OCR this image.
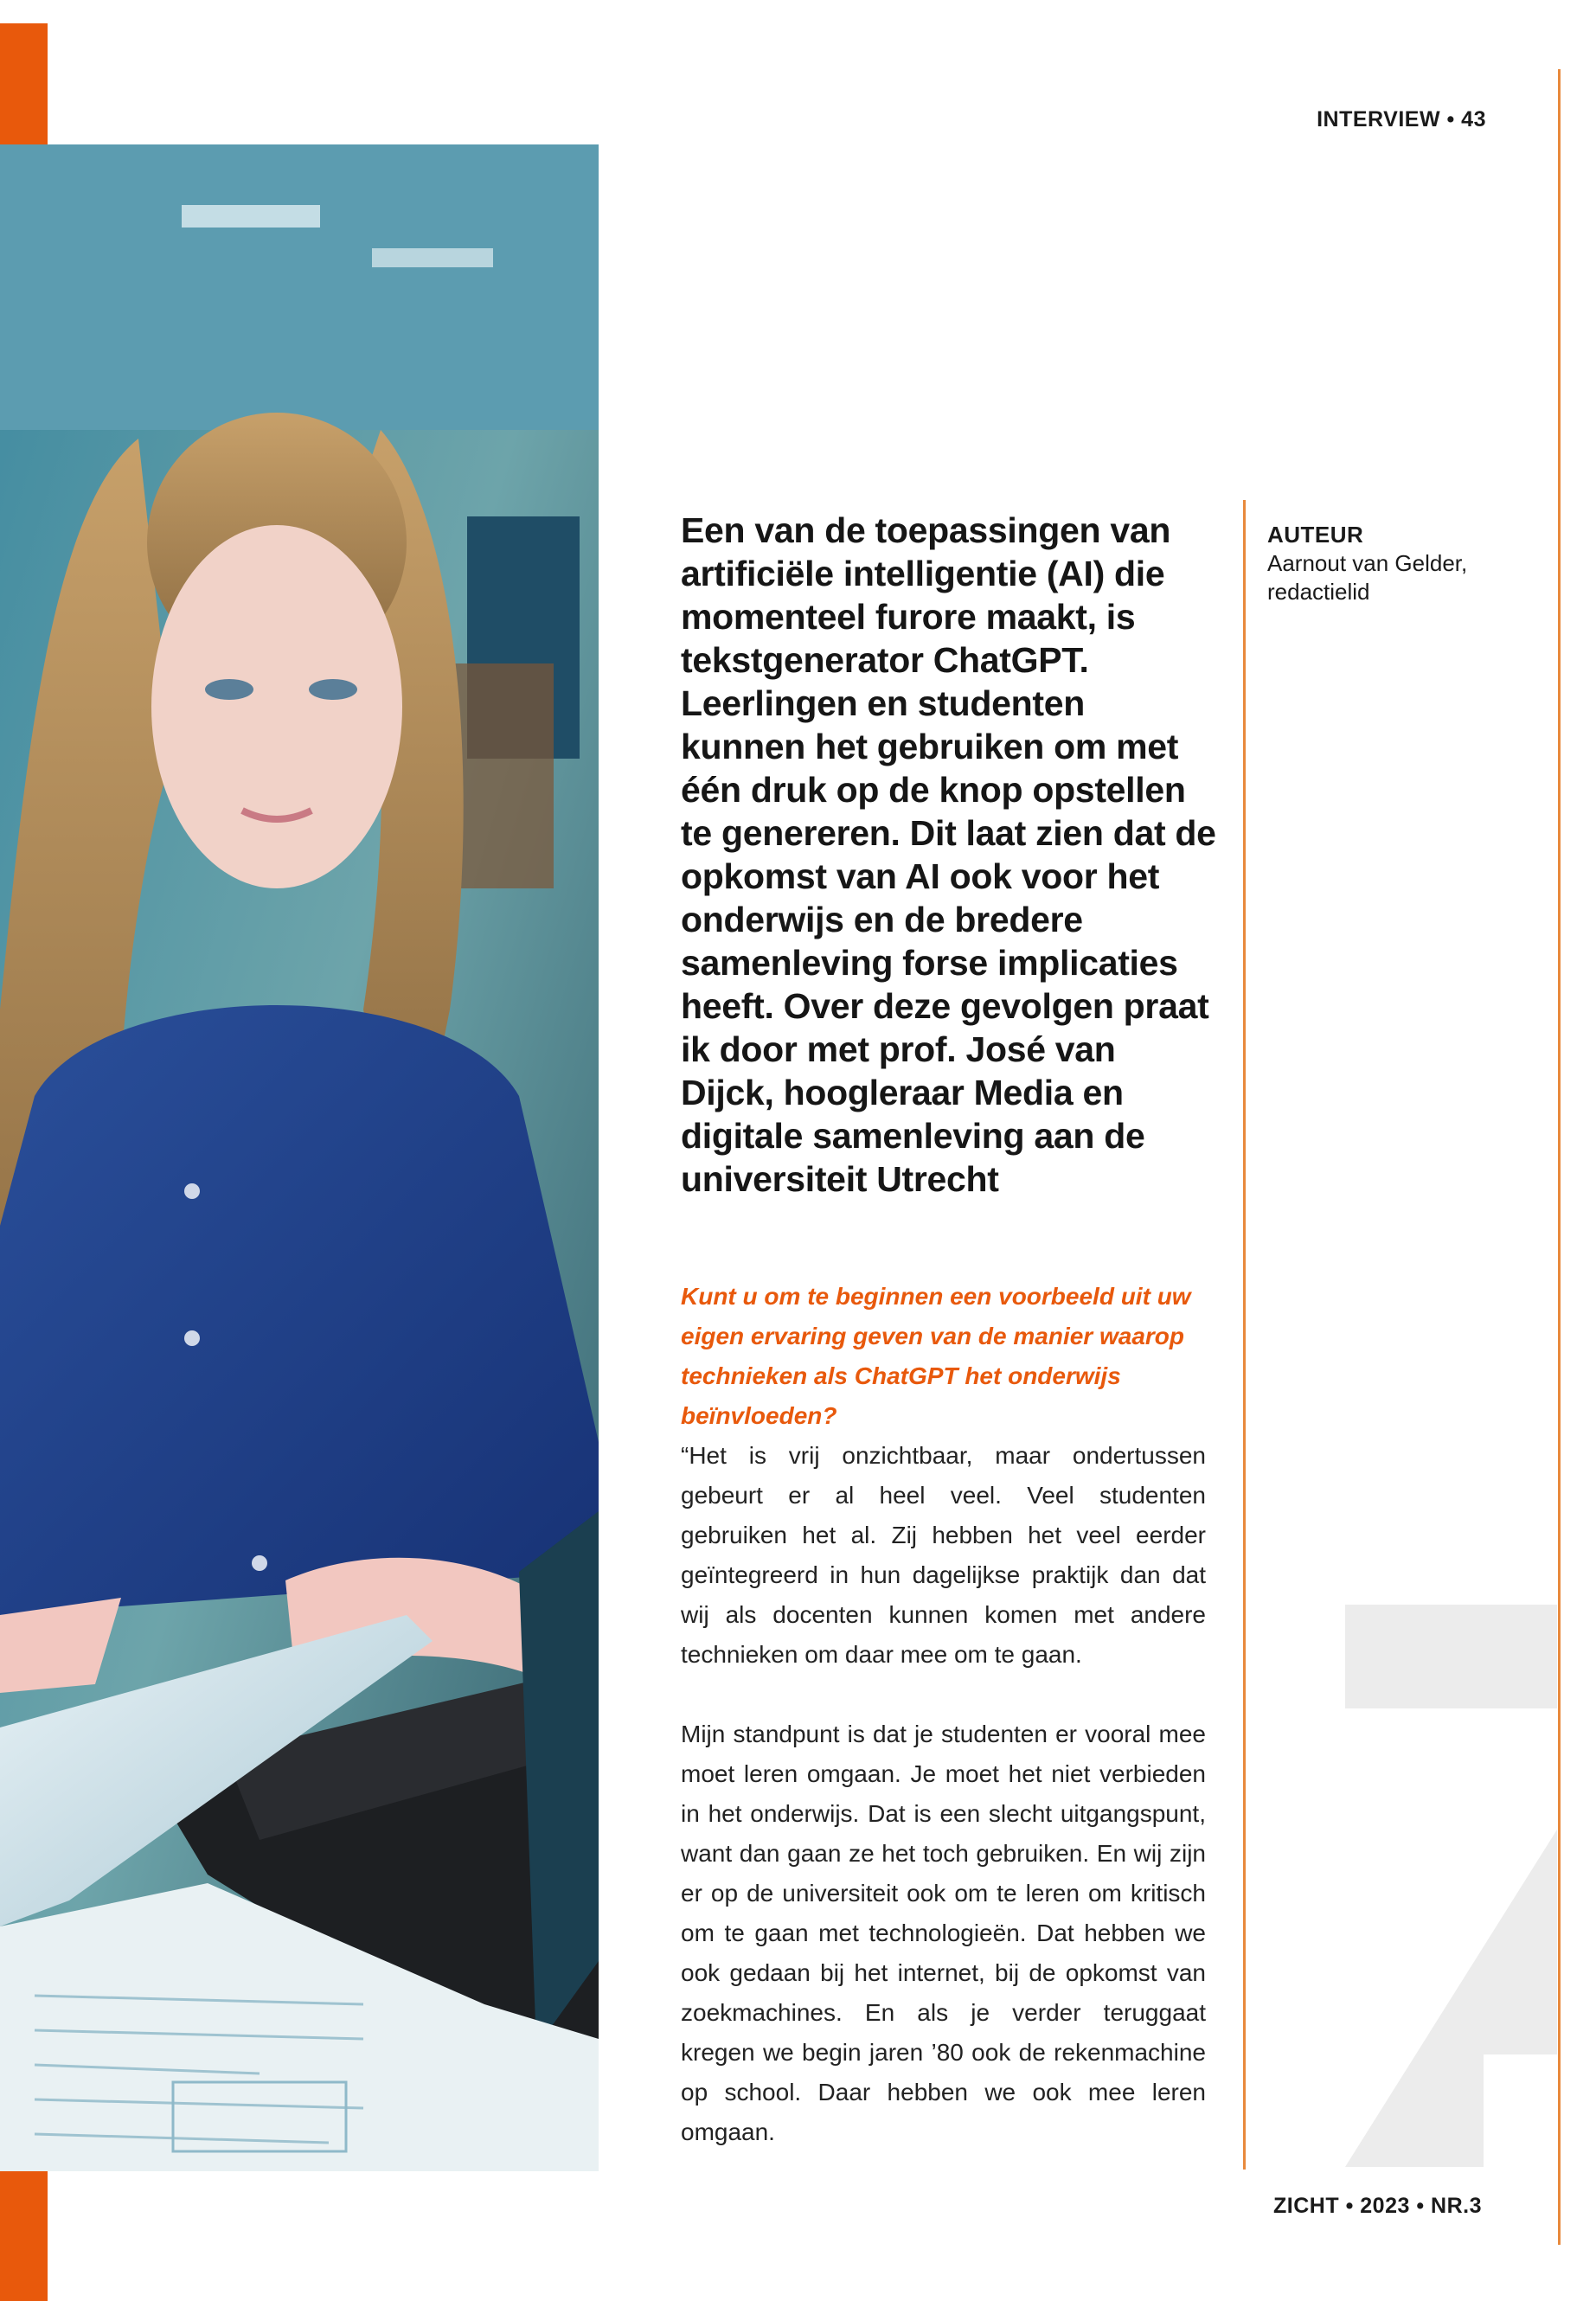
INTERVIEW • 43
AUTEUR
Aarnout van Gelder, redactielid
Een van de toepassingen van artificiële intelligentie (AI) die momenteel furore maakt, is tekstgenerator ChatGPT. Leerlingen en studenten kunnen het gebruiken om met één druk op de knop opstellen te genereren. Dit laat zien dat de opkomst van AI ook voor het onderwijs en de bredere samenleving forse implicaties heeft. Over deze gevolgen praat ik door met prof. José van Dijck, hoogleraar Media en digitale samenleving aan de universiteit Utrecht
Kunt u om te beginnen een voorbeeld uit uw eigen ervaring geven van de manier waarop technieken als ChatGPT het onderwijs beïnvloeden?
“Het is vrij onzichtbaar, maar ondertussen gebeurt er al heel veel. Veel studenten gebruiken het al. Zij hebben het veel eerder geïntegreerd in hun dagelijkse praktijk dan dat wij als docenten kunnen komen met andere technieken om daar mee om te gaan.
Mijn standpunt is dat je studenten er vooral mee moet leren omgaan. Je moet het niet verbieden in het onderwijs. Dat is een slecht uitgangspunt, want dan gaan ze het toch gebruiken. En wij zijn er op de universiteit ook om te leren om kritisch om te gaan met technologieën. Dat hebben we ook gedaan bij het internet, bij de opkomst van zoekmachines. En als je verder teruggaat kregen we begin jaren ’80 ook de rekenmachine op school. Daar hebben we ook mee leren omgaan.
ZICHT • 2023 • NR.3
